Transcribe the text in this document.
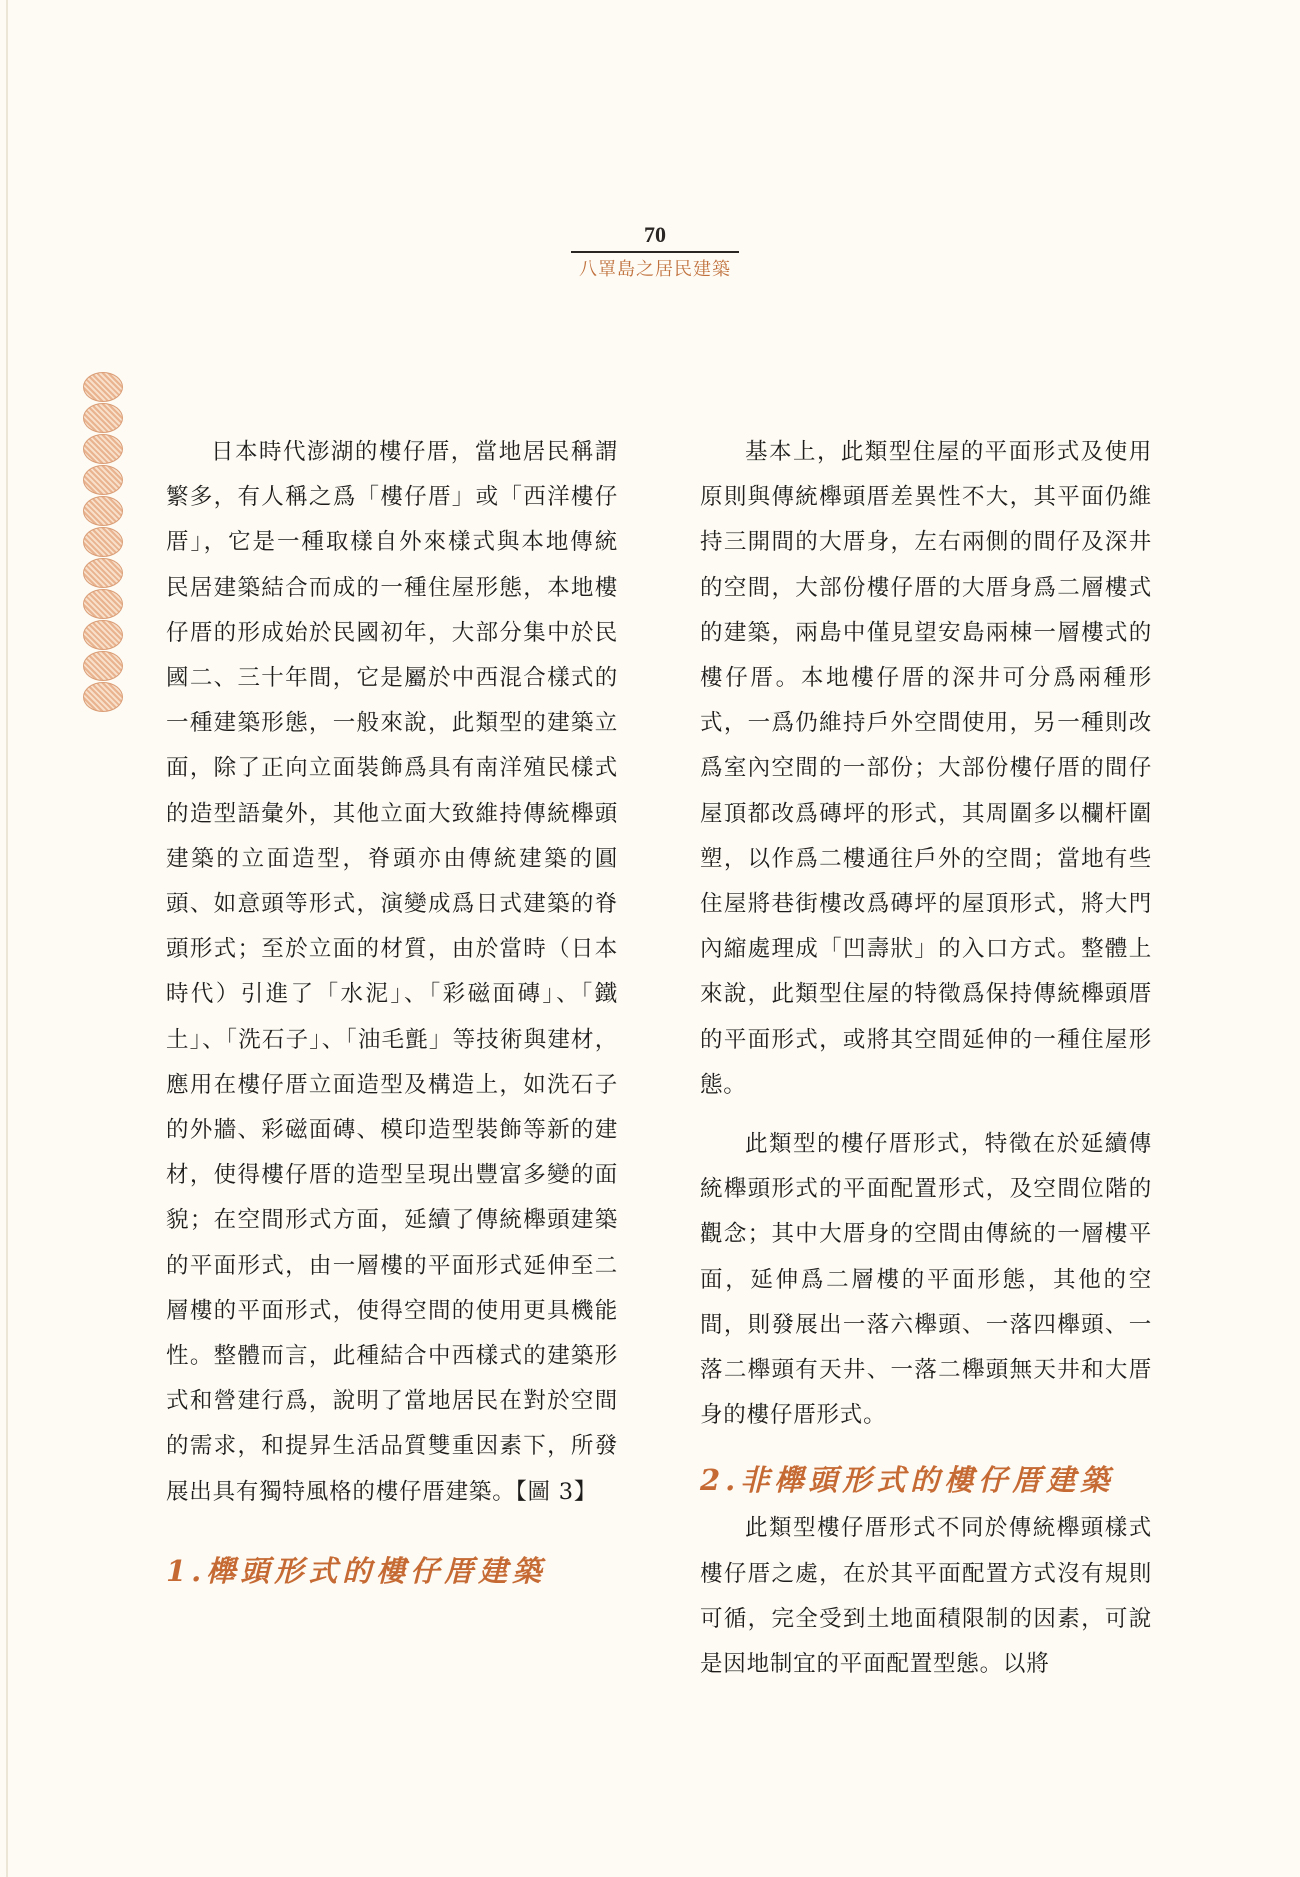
70
八罩島之居民建築

日本時代澎湖的樓仔厝，當地居民稱謂繁多，有人稱之爲「樓仔厝」或「西洋樓仔厝」，它是一種取樣自外來樣式與本地傳統民居建築結合而成的一種住屋形態，本地樓仔厝的形成始於民國初年，大部分集中於民國二、三十年間，它是屬於中西混合樣式的一種建築形態，一般來說，此類型的建築立面，除了正向立面裝飾爲具有南洋殖民樣式的造型語彙外，其他立面大致維持傳統櫸頭建築的立面造型，脊頭亦由傳統建築的圓頭、如意頭等形式，演變成爲日式建築的脊頭形式；至於立面的材質，由於當時（日本時代）引進了「水泥」、「彩磁面磚」、「鐵土」、「洗石子」、「油毛氈」等技術與建材，應用在樓仔厝立面造型及構造上，如洗石子的外牆、彩磁面磚、模印造型裝飾等新的建材，使得樓仔厝的造型呈現出豐富多變的面貌；在空間形式方面，延續了傳統櫸頭建築的平面形式，由一層樓的平面形式延伸至二層樓的平面形式，使得空間的使用更具機能性。整體而言，此種結合中西樣式的建築形式和營建行爲，說明了當地居民在對於空間的需求，和提昇生活品質雙重因素下，所發展出具有獨特風格的樓仔厝建築。【圖 3】

1.櫸頭形式的樓仔厝建築

基本上，此類型住屋的平面形式及使用原則與傳統櫸頭厝差異性不大，其平面仍維持三開間的大厝身，左右兩側的間仔及深井的空間，大部份樓仔厝的大厝身爲二層樓式的建築，兩島中僅見望安島兩棟一層樓式的樓仔厝。本地樓仔厝的深井可分爲兩種形式，一爲仍維持戶外空間使用，另一種則改爲室內空間的一部份；大部份樓仔厝的間仔屋頂都改爲磚坪的形式，其周圍多以欄杆圍塑，以作爲二樓通往戶外的空間；當地有些住屋將巷街樓改爲磚坪的屋頂形式，將大門內縮處理成「凹壽狀」的入口方式。整體上來說，此類型住屋的特徵爲保持傳統櫸頭厝的平面形式，或將其空間延伸的一種住屋形態。

此類型的樓仔厝形式，特徵在於延續傳統櫸頭形式的平面配置形式，及空間位階的觀念；其中大厝身的空間由傳統的一層樓平面，延伸爲二層樓的平面形態，其他的空間，則發展出一落六櫸頭、一落四櫸頭、一落二櫸頭有天井、一落二櫸頭無天井和大厝身的樓仔厝形式。

2.非櫸頭形式的樓仔厝建築

此類型樓仔厝形式不同於傳統櫸頭樣式樓仔厝之處，在於其平面配置方式沒有規則可循，完全受到土地面積限制的因素，可說是因地制宜的平面配置型態。以將
